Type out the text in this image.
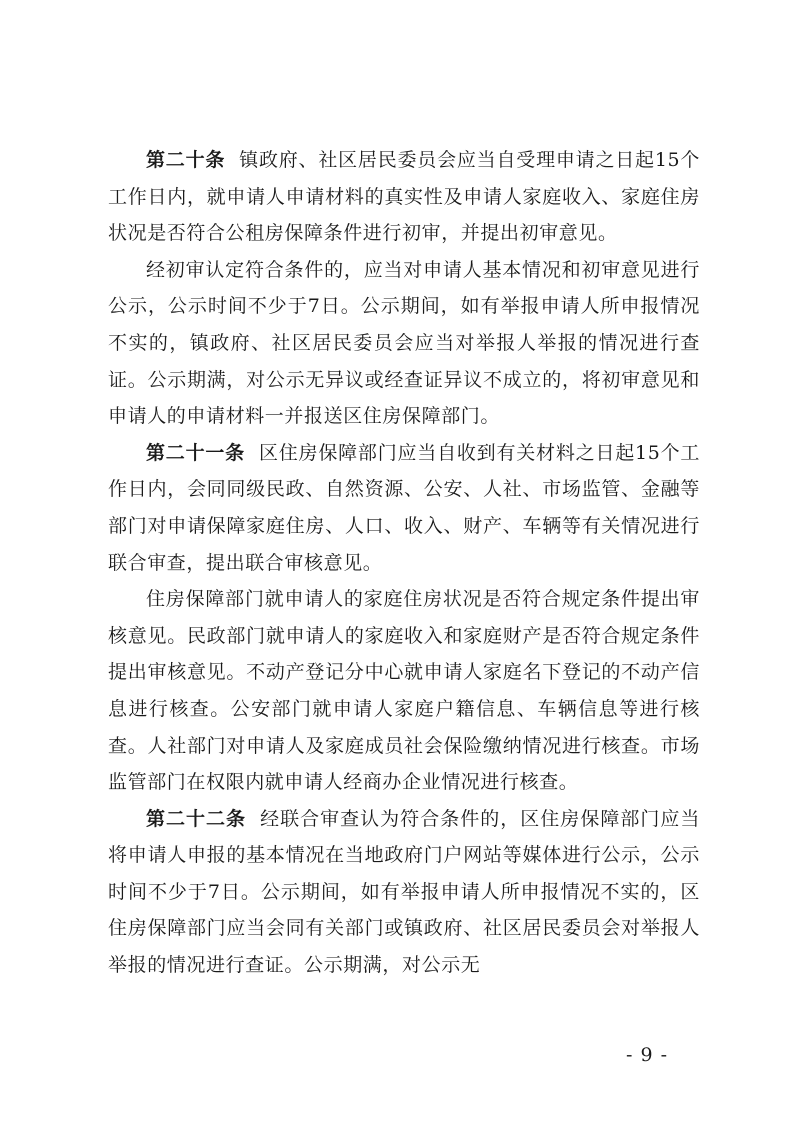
第二十条 镇政府、社区居民委员会应当自受理申请之日起15个工作日内，就申请人申请材料的真实性及申请人家庭收入、家庭住房状况是否符合公租房保障条件进行初审，并提出初审意见。

经初审认定符合条件的，应当对申请人基本情况和初审意见进行公示，公示时间不少于7日。公示期间，如有举报申请人所申报情况不实的，镇政府、社区居民委员会应当对举报人举报的情况进行查证。公示期满，对公示无异议或经查证异议不成立的，将初审意见和申请人的申请材料一并报送区住房保障部门。

第二十一条 区住房保障部门应当自收到有关材料之日起15个工作日内，会同同级民政、自然资源、公安、人社、市场监管、金融等部门对申请保障家庭住房、人口、收入、财产、车辆等有关情况进行联合审查，提出联合审核意见。

住房保障部门就申请人的家庭住房状况是否符合规定条件提出审核意见。民政部门就申请人的家庭收入和家庭财产是否符合规定条件提出审核意见。不动产登记分中心就申请人家庭名下登记的不动产信息进行核查。公安部门就申请人家庭户籍信息、车辆信息等进行核查。人社部门对申请人及家庭成员社会保险缴纳情况进行核查。市场监管部门在权限内就申请人经商办企业情况进行核查。

第二十二条 经联合审查认为符合条件的，区住房保障部门应当将申请人申报的基本情况在当地政府门户网站等媒体进行公示，公示时间不少于7日。公示期间，如有举报申请人所申报情况不实的，区住房保障部门应当会同有关部门或镇政府、社区居民委员会对举报人举报的情况进行查证。公示期满，对公示无

- 9 -
